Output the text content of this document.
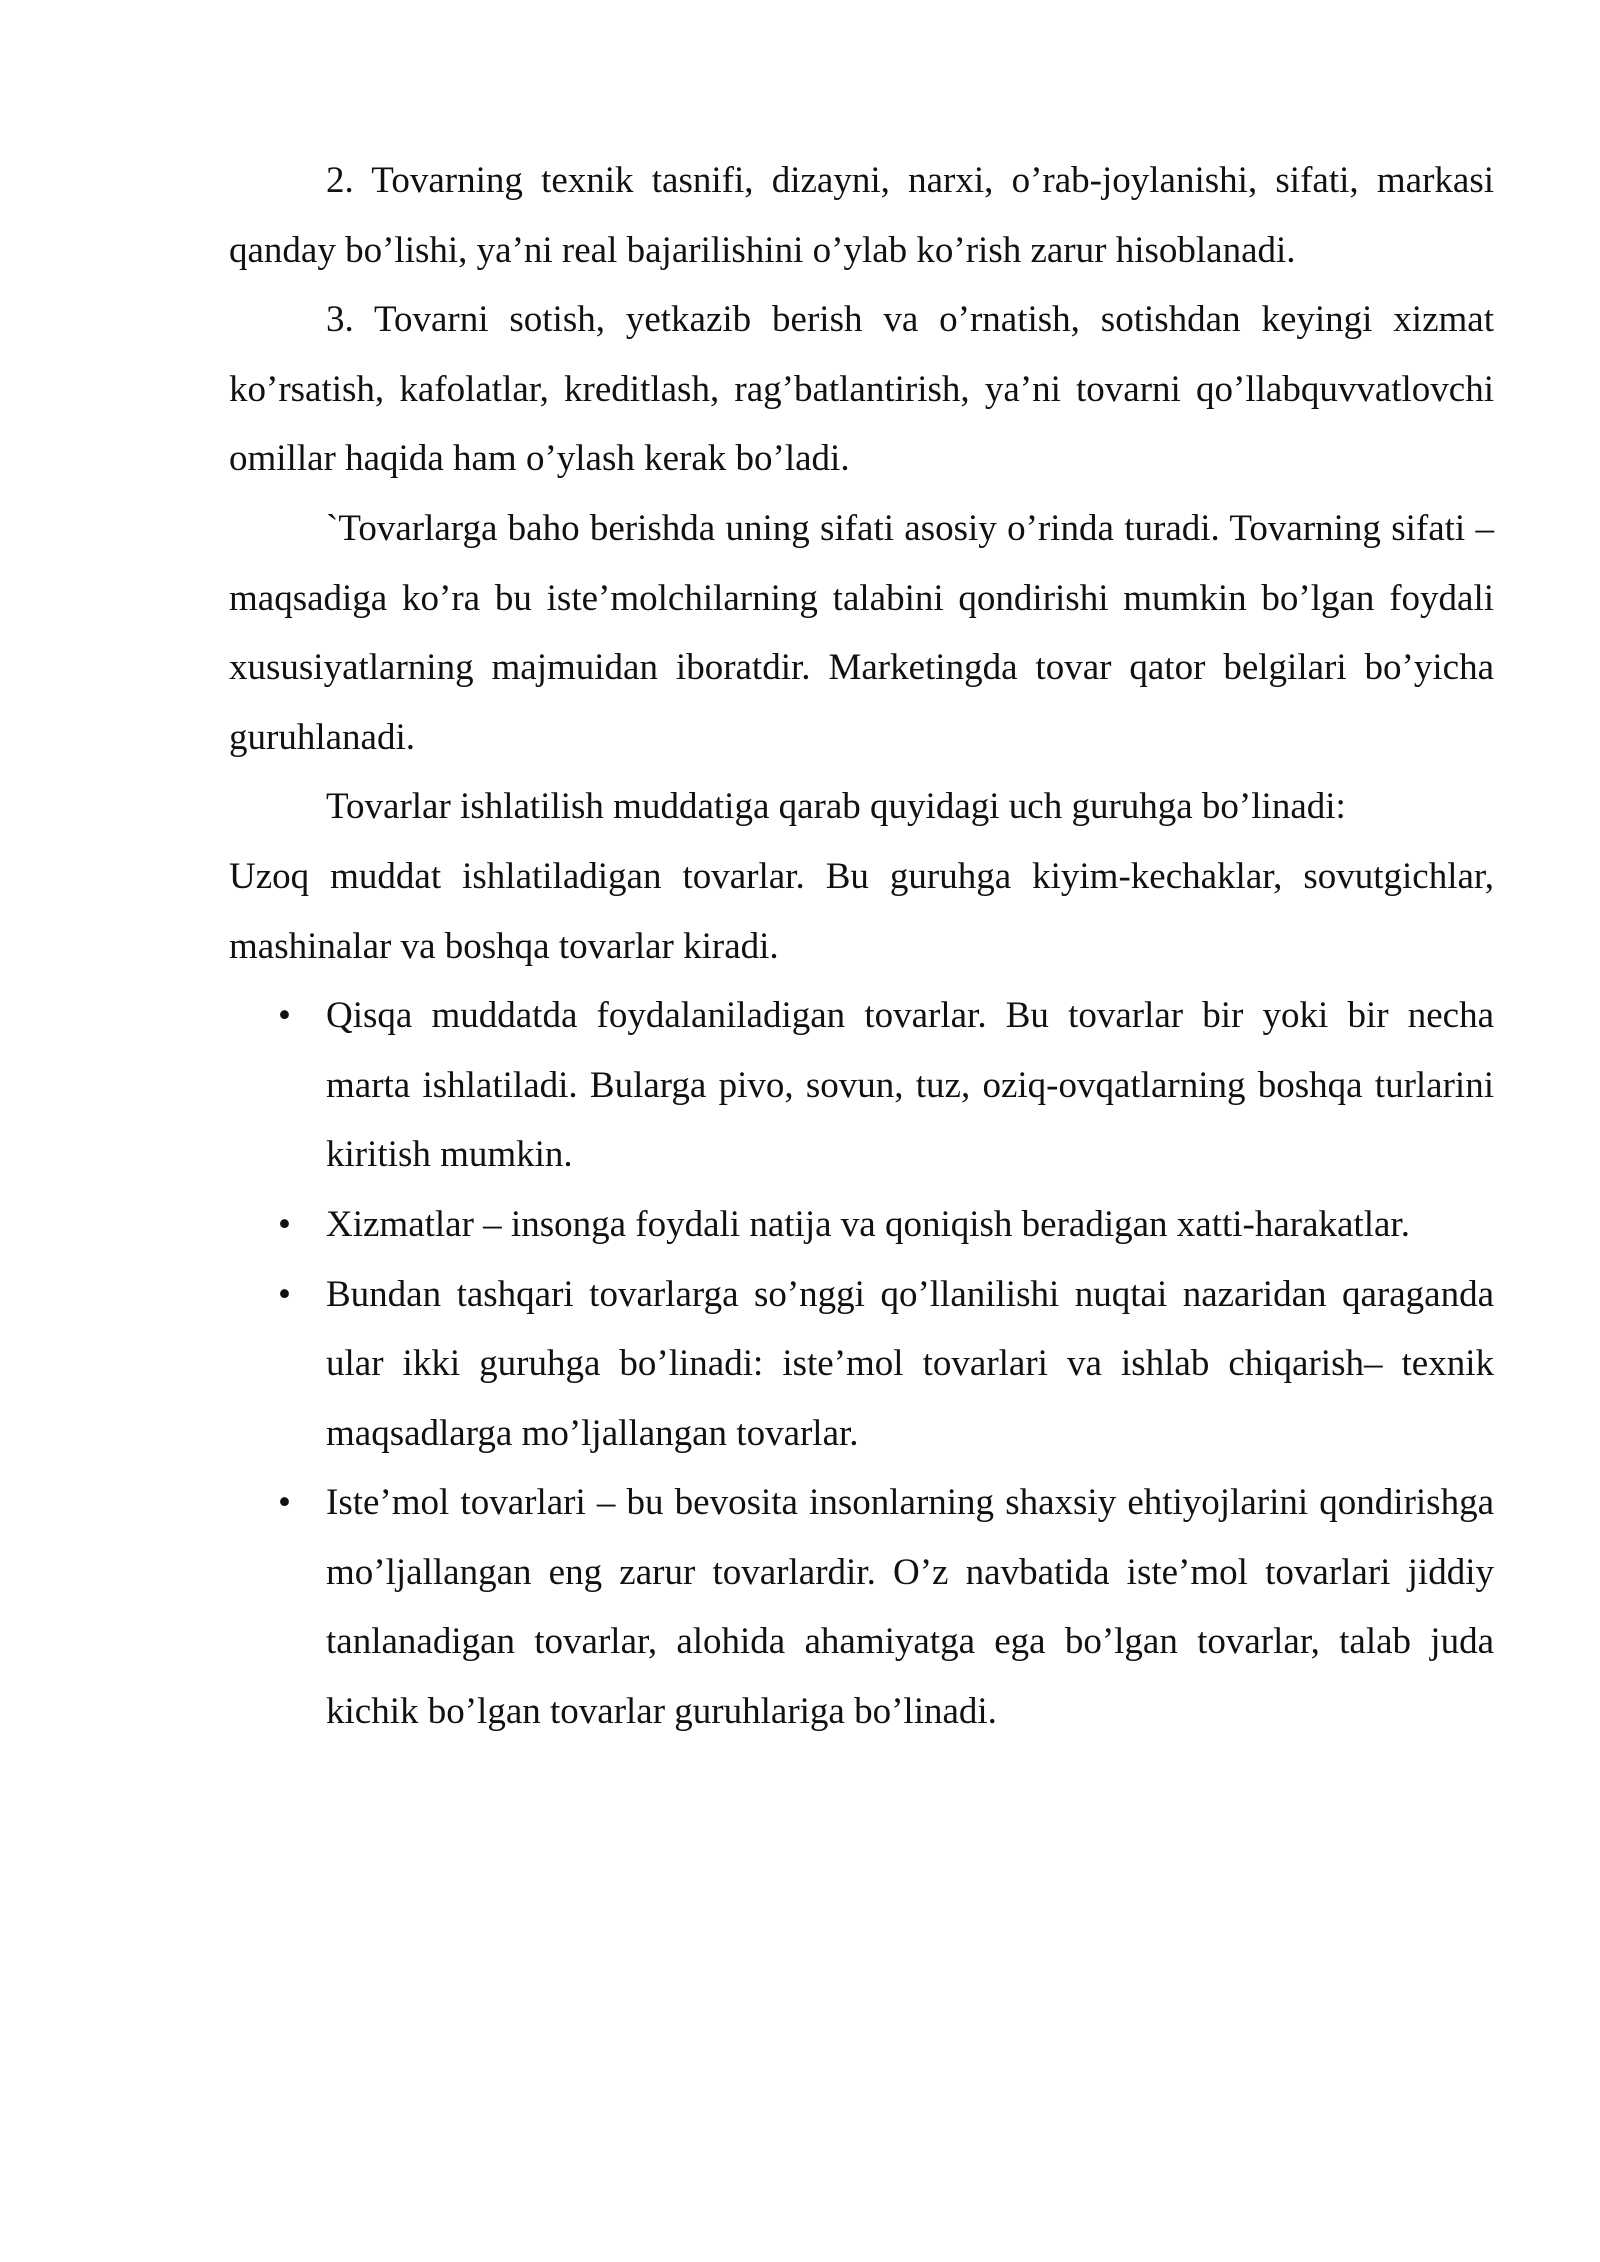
2. Tovarning texnik tasnifi, dizayni, narxi, o’rab-joylanishi, sifati, markasi qanday bo’lishi, ya’ni real bajarilishini o’ylab ko’rish zarur hisoblanadi.

3. Tovarni sotish, yetkazib berish va o’rnatish, sotishdan keyingi xizmat ko’rsatish, kafolatlar, kreditlash, rag’batlantirish, ya’ni tovarni qo’llabquvvatlovchi omillar haqida ham o’ylash kerak bo’ladi.

`Tovarlarga baho berishda uning sifati asosiy o’rinda turadi. Tovarning sifati – maqsadiga ko’ra bu iste’molchilarning talabini qondirishi mumkin bo’lgan foydali xususiyatlarning majmuidan iboratdir. Marketingda tovar qator belgilari bo’yicha guruhlanadi.

Tovarlar ishlatilish muddatiga qarab quyidagi uch guruhga bo’linadi:

Uzoq muddat ishlatiladigan tovarlar. Bu guruhga kiyim-kechaklar, sovutgichlar, mashinalar va boshqa tovarlar kiradi.

• Qisqa muddatda foydalaniladigan tovarlar. Bu tovarlar bir yoki bir necha marta ishlatiladi. Bularga pivo, sovun, tuz, oziq-ovqatlarning boshqa turlarini kiritish mumkin.
• Xizmatlar – insonga foydali natija va qoniqish beradigan xatti-harakatlar.
• Bundan tashqari tovarlarga so’nggi qo’llanilishi nuqtai nazaridan qaraganda ular ikki guruhga bo’linadi: iste’mol tovarlari va ishlab chiqarish– texnik maqsadlarga mo’ljallangan tovarlar.
• Iste’mol tovarlari – bu bevosita insonlarning shaxsiy ehtiyojlarini qondirishga mo’ljallangan eng zarur tovarlardir. O’z navbatida iste’mol tovarlari jiddiy tanlanadigan tovarlar, alohida ahamiyatga ega bo’lgan tovarlar, talab juda kichik bo’lgan tovarlar guruhlariga bo’linadi.
